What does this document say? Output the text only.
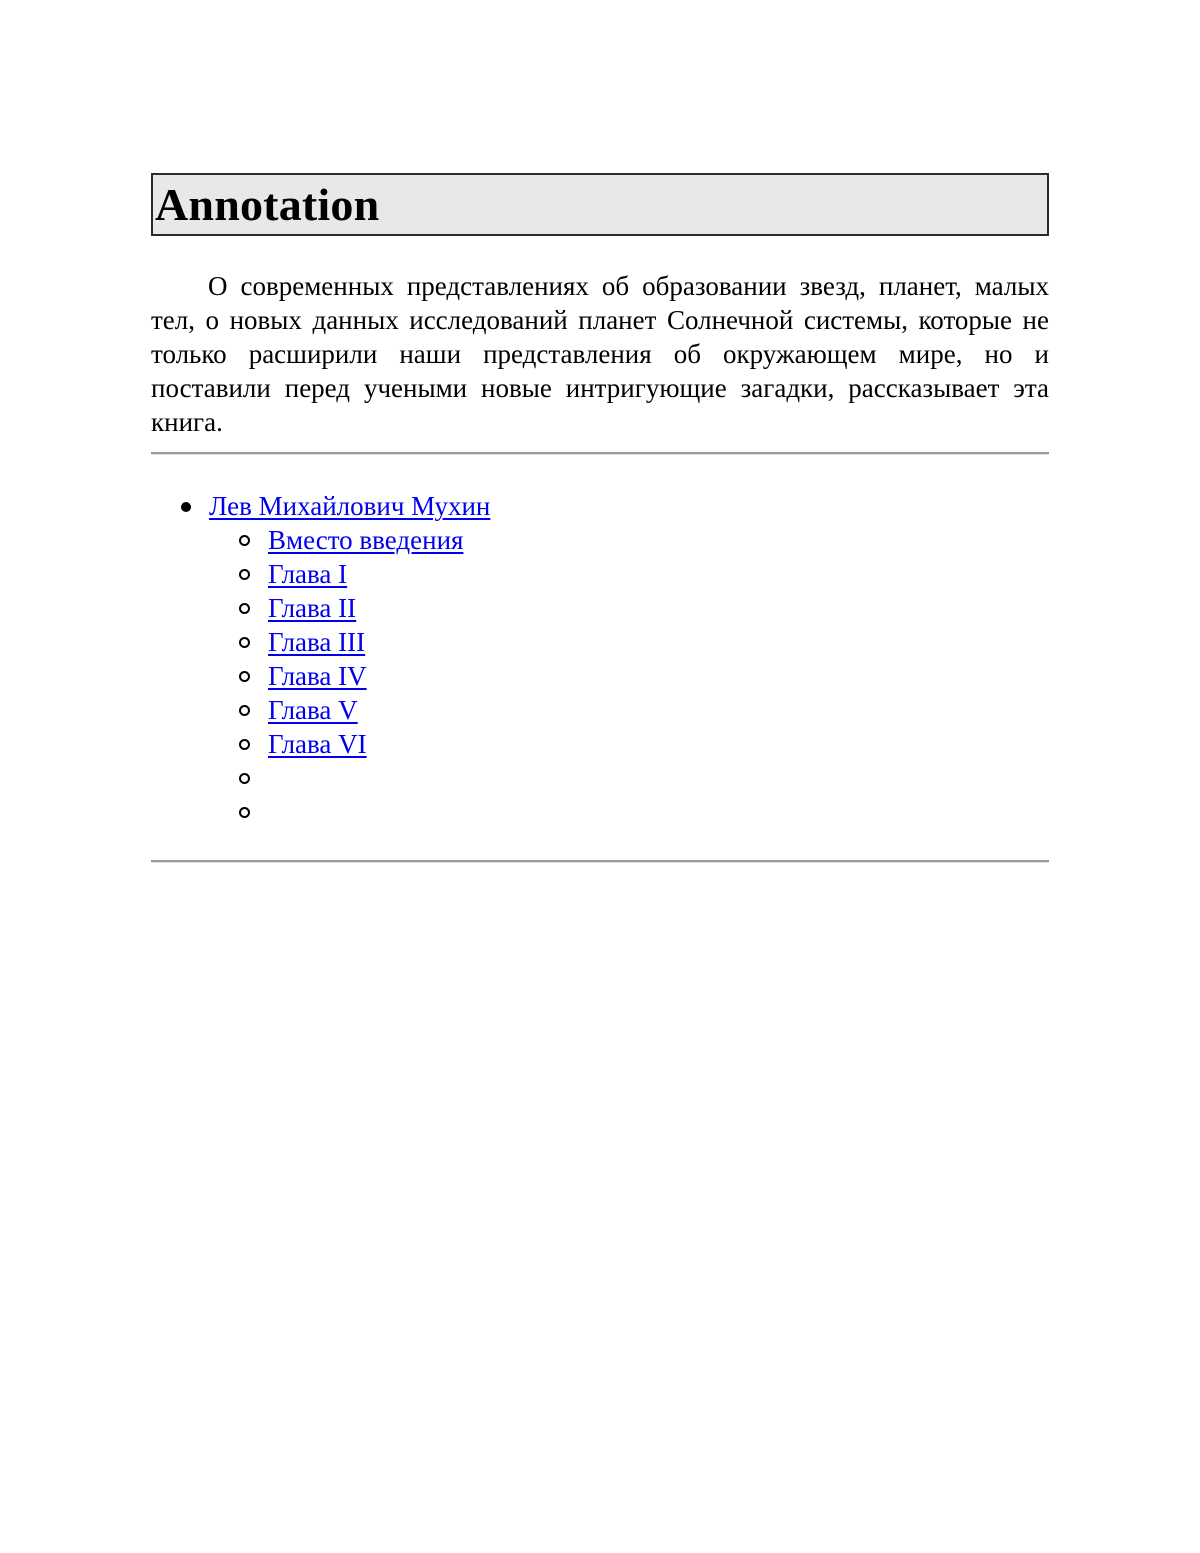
Annotation

О современных представлениях об образовании звезд, планет, малых тел, о новых данных исследований планет Солнечной системы, которые не только расширили наши представления об окружающем мире, но и поставили перед учеными новые интригующие загадки, рассказывает эта книга.

Лев Михайлович Мухин
Вместо введения
Глава I
Глава II
Глава III
Глава IV
Глава V
Глава VI
